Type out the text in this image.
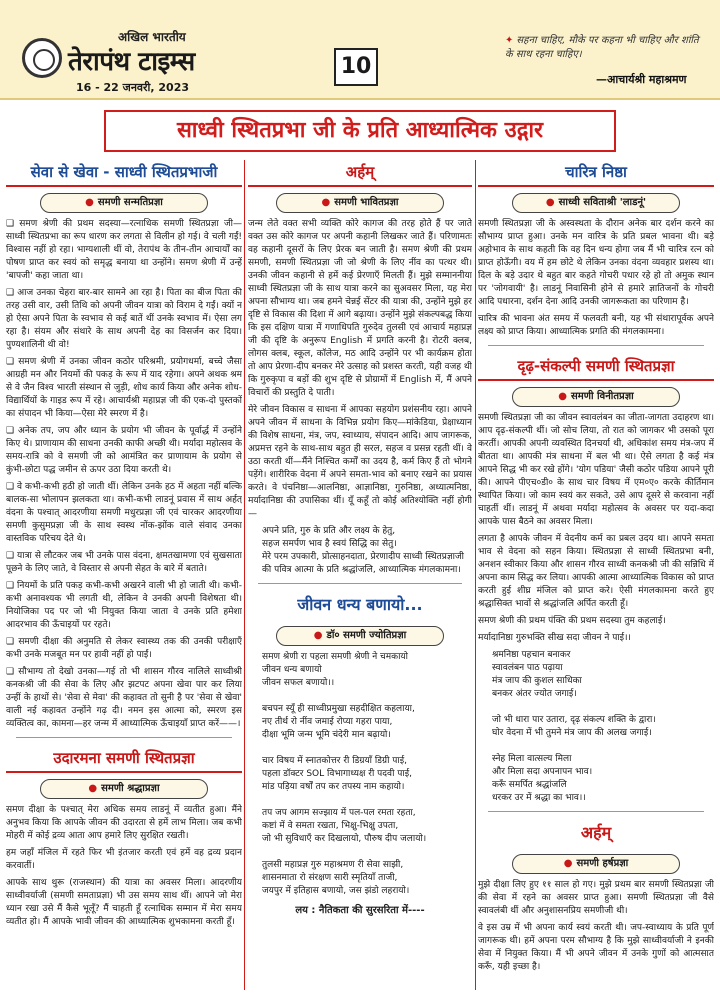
अखिल भारतीय
तेरापंथ टाइम्स
16 - 22 जनवरी, 2023
10
✦ सहना चाहिए, मौके पर कहना भी चाहिए और शांति के साथ रहना चाहिए।
—आचार्यश्री महाश्रमण
साध्वी स्थितप्रभा जी के प्रति आध्यात्मिक उद्गार
सेवा से खेवा - साध्वी स्थितप्रभाजी
● समणी सन्मतिप्रज्ञा

❑ समण श्रेणी की प्रथम सदस्या—रत्नाधिक समणी स्थितप्रज्ञा जी—साध्वी स्थितप्रभा का रूप धारण कर लगता से विलीन हो गई। वे चली गईं! विश्वास नहीं हो रहा। भाग्यशाली थीं वो, तेरापंथ के तीन-तीन आचार्यों का पोषण प्राप्त कर स्वयं को समृद्ध बनाया था उन्होंने। समण श्रेणी में उन्हें 'बापजी' कहा जाता था।

❑ आज उनका चेहरा बार-बार सामने आ रहा है। पिता का बीज पिता की तरह उसी वार, उसी तिथि को अपनी जीवन यात्रा को विराम दे गईं। क्यों न हो ऐसा अपने पिता के स्वभाव से कई बातें थीं उनके स्वभाव में। ऐसा लग रहा है। संयम और संथारे के साथ अपनी देह का विसर्जन कर दिया। पुण्यशालिनी थी वो!

❑ समण श्रेणी में उनका जीवन कठोर परिश्रमी, प्रयोगधर्मा, बच्चे जैसा आग्रही मन और नियमों की पकड़ के रूप में याद रहेगा। अपने अथक श्रम से वे जैन विश्व भारती संस्थान से जुड़ी, शोध कार्य किया और अनेक शोध-विद्यार्थियों के गाइड रूप में रहे। आचार्यश्री महाप्रज्ञ जी की एक-दो पुस्तकों का संपादन भी किया—ऐसा मेरे स्मरण में है।

❑ अनेक तप, जप और ध्यान के प्रयोग भी जीवन के पूर्वार्द्ध में उन्होंने किए थे। प्राणायाम की साधना उनकी काफी अच्छी थी। मर्यादा महोत्सव के समय-रात्रि को वे समणी जी को आमंत्रित कर प्राणायाम के प्रयोग से कुंभी-छोटा पद्ध जमीन से ऊपर उठा दिया करती थे।

❑ वे कभी-कभी हठी हो जाती थीं। लेकिन उनके हठ में अहता नहीं बल्कि बालक-सा भोलापन झलकता था। कभी-कभी लाडनूं प्रवास में साथ अर्हत् वंदना के पश्चात् आदरणीया समणी मधुरप्रज्ञा जी एवं चारकर आदरणीया समणी कुसुमप्रज्ञा जी के साथ स्वस्थ नोंक-झोंक वाले संवाद उनका वास्तविक परिचय देते थे।

❑ यात्रा से लौटकर जब भी उनके पास वंदना, क्षमतखामणा एवं सुखसाता पूछने के लिए जाते, वे विस्तार से अपनी सेहत के बारे में बताते।

❑ नियमों के प्रति पकड़ कभी-कभी अखरने वाली भी हो जाती थी। कभी-कभी अनावश्यक भी लगती थी, लेकिन वे उनकी अपनी विशेषता थी। नियोजिका पद पर जो भी नियुक्त किया जाता वे उनके प्रति हमेशा आदरभाव की ऊँचाइयों पर रहते।

❑ समणी दीक्षा की अनुमति से लेकर स्वास्थ्य तक की उनकी परीक्षाएँ कभी उनके मजबूत मन पर हावी नहीं हो पाईं।

❑ सौभाग्य तो देखो उनका—गई तो भी शासन गौरव नालिले साध्वीश्री कनकश्री जी की सेवा के लिए और झटपट अपना खेवा पार कर लिया उन्हीं के हाथों से। 'सेवा से मेवा' की कहावत तो सुनी है पर 'सेवा से खेवा' वाली नई कहावत उन्होंने गढ़ दी। नमन इस आत्मा को, स्मरण इस व्यक्तित्व का, कामना—हर जन्म में आध्यात्मिक ऊँचाइयाँ प्राप्त करें——।

उदारमना समणी स्थितप्रज्ञा
● समणी श्रद्धाप्रज्ञा

समण दीक्षा के पश्चात् मेरा अधिक समय लाडनूं में व्यतीत हुआ। मैंने अनुभव किया कि आपके जीवन की उदारता से हमें लाभ मिला। जब कभी मोहरी में कोई द्रव्य आता आप हमारे लिए सुरक्षित रखती।

हम जहाँ मंजिल में रहते फिर भी इंतजार करती एवं हमें वह द्रव्य प्रदान करवातीं।

आपके साथ थुरू (राजस्थान) की यात्रा का अवसर मिला। आदरणीय साध्वीवर्याजी (समणी समताप्रज्ञा) भी उस समय साथ थीं। आपने जो मेरा ध्यान रखा उसे मैं कैसे भूलूँ? मैं चाहती हूँ रत्नाधिक सम्मान में मेरा समय व्यतीत हो। मैं आपके भावी जीवन की आध्यात्मिक शुभकामना करती हूँ।

अर्हम्
● समणी भावितप्रज्ञा

जन्म लेते वक्त सभी व्यक्ति कोरे कागज की तरह होते हैं पर जाते वक्त उस कोरे कागज पर अपनी कहानी लिखकर जाते हैं। परिणामतः वह कहानी दूसरों के लिए प्रेरक बन जाती है। समण श्रेणी की प्रथम समणी, समणी स्थितप्रज्ञा जी जो श्रेणी के लिए नींव का पत्थर थी। उनकी जीवन कहानी से हमें कई प्रेरणाएँ मिलती हैं। मुझे सम्माननीया साध्वी स्थितप्रज्ञा जी के साथ यात्रा करने का सुअवसर मिला, यह मेरा अपना सौभाग्य था। जब हमने चेन्नई सेंटर की यात्रा की, उन्होंने मुझे हर दृष्टि से विकास की दिशा में आगे बढ़ाया। उन्होंने मुझे संकल्पबद्ध किया कि इस दक्षिण यात्रा में गणाधिपति गुरुदेव तुलसी एवं आचार्य महाप्रज्ञ जी की दृष्टि के अनुरूप English में प्रगति करनी है। रोटरी क्लब, लोगस क्लब, स्कूल, कॉलेज, मठ आदि उन्होंने पर भी कार्यक्रम होता तो आप प्रेरणा-दीप बनकर मेरे उत्साह को प्रशस्त करती, यही वजह थी कि गुरुकृपा व बड़ों की शुभ दृष्टि से प्रोग्रामों में English में, मैं अपने विचारों की प्रस्तुति दे पाती।

मेरे जीवन विकास व साधना में आपका सहयोग प्रशंसनीय रहा। आपने अपने जीवन में साधना के विभिन्न प्रयोग किए—मांकेडिया, प्रेक्षाध्यान की विशेष साधना, मंत्र, जप, स्वाध्याय, संपादन आदि। आप जागरूक, अप्रमत्त रहने के साथ-साथ बहुत ही सरल, सहज व प्रसन्न रहती थीं। वे उठा करती थीं—मैंने निश्चित कर्मों का उदय है, कर्म किए हैं तो भोगने पड़ेंगे। शारीरिक वेदना में अपने समता-भाव को बनाए रखने का प्रयास करते। वे पंचनिष्ठा—आलनिष्ठा, आज्ञानिष्ठा, गुरुनिष्ठा, अध्यात्मनिष्ठा, मर्यादानिष्ठा की उपासिका थीं। यूँ कहूँ तो कोई अतिश्योक्ति नहीं होगी—

अपने प्रति, गुरु के प्रति और लक्ष्य के हेतु,
सहज समर्पण भाव है स्वयं सिद्धि का सेतु।
मेरे परम उपकारी, प्रोत्साहनदाता, प्रेरणादीप साध्वी स्थितप्रज्ञाजी
की पवित्र आत्मा के प्रति श्रद्धांजलि, आध्यात्मिक मंगलकामना।
जीवन धन्य बणायो...
● डॉ० समणी ज्योतिप्रज्ञा
समण श्रेणी रा पहला समणी श्रेणी ने चमकायो
जीवन धन्य बणायो
जीवन सफल बणायो।।

बचपन स्यूँ ही साध्वीप्रमुखा सहदीक्षित कहलाया,
नए तीर्थ रो नींव जमाई रोप्या गहरा पाया,
दीक्षा भूमि जन्म भूमि चंदेरी मान बढ़ायो।

चार विषय में स्नातकोत्तर री डिग्रयाँ डिग्री पाई,
पहला डॉक्टर SOL विभागाध्यक्ष री पदवी पाई,
मांड पड़िया वर्षों तप कर तपस्य नाम कहायो।

तप जप आगम सज्झाय में पल-पल रमता रहता,
कष्टां में वे समता रखता, भिक्षु-भिक्षु उपता,
जो भी सुविधाएँ कर दिखलायो, पौरुष दीप जलायो।

तुलसी महाप्रज्ञ गुरु महाश्रमण री सेवा साझी,
शासनमाता रो संरक्षण सारी स्मृतियाँ ताजी,
जयपुर में इतिहास बणायो, जस झंडो लहरायो।
लय : नैतिकता की सुरसरिता में----
चारित्र निष्ठा
● साध्वी सविताश्री 'लाडनूं'

समणी स्थितप्रज्ञा जी के अस्वस्थता के दौरान अनेक बार दर्शन करने का सौभाग्य प्राप्त हुआ। उनके मन वारित्र के प्रति प्रबल भावना थी। बड़े अहोभाव के साथ कहती कि वह दिन धन्य होगा जब मैं भी चारित्र रत्न को प्राप्त होऊँगी। वय में हम छोटे थे लेकिन उनका वंदना व्यवहार प्रशस्य था। दिल के बड़े उदार थे बहुत बार कहते गोचरी पधार रहे हो तो अमुक स्थान पर 'जोगवायी' है। लाडनूं निवासिनी होने से हमारे ज्ञातिजनों के गोचरी आदि पधारना, दर्शन देना आदि उनकी जागरूकता का परिणाम है।

चारित्र की भावना अंत समय में फलवती बनी, यह भी संथारापूर्वक अपने लक्ष्य को प्राप्त किया। आध्यात्मिक प्रगति की मंगलकामना।

दृढ़-संकल्पी समणी स्थितप्रज्ञा
● समणी विनीतप्रज्ञा

समणी स्थितप्रज्ञा जी का जीवन स्वावलंबन का जीता-जागता उदाहरण था। आप दृढ़-संकल्पी थीं। जो सोच लिया, तो रात को जागकर भी उसको पूरा करतीं। आपकी अपनी व्यवस्थित दिनचर्या थी, अधिकांश समय मंत्र-जप में बीतता था। आपकी मंत्र साधना में बल भी था। ऐसे लगता है कई मंत्र आपने सिद्ध भी कर रखे होंगे। 'योग पडिया' जैसी कठोर पडिया आपने पूरी की। आपने पीएच०डी० के साथ चार विषय में एम०ए० करके कीर्तिमान स्थापित किया। जो काम स्वयं कर सकते, उसे आप दूसरे से करवाना नहीं चाहतीं थीं। लाडनूं में अथवा मर्यादा महोत्सव के अवसर पर यदा-कदा आपके पास बैठने का अवसर मिला।

लगता है आपके जीवन में वेदनीय कर्म का प्रबल उदय था। आपने समता भाव से वेदना को सहन किया। स्थितप्रज्ञा से साध्वी स्थितप्रभा बनी, अनशन स्वीकार किया और शासन गौरव साध्वी कनकश्री जी की सन्निधि में अपना काम सिद्ध कर लिया। आपकी आत्मा आध्यात्मिक विकास को प्राप्त करती हुई शीघ्र मंजिल को प्राप्त करे। ऐसी मंगलकामना करते हुए श्रद्धासिक्त भावों से श्रद्धांजलि अर्पित करती हूँ।

समण श्रेणी की प्रथम पंक्ति की प्रथम सदस्या तुम कहलाई।

मर्यादानिष्ठा गुरुभक्ति सीख सदा जीवन ने पाई।।

श्रमनिष्ठा पहचान बनाकर
स्वावलंबन पाठ पढ़ाया
मंत्र जाप की कुशल साधिका
बनकर अंतर ज्योत जगाई।

जो भी धारा पार उतारा, दृढ़ संकल्प शक्ति के द्वारा।
घोर वेदना में भी तुमने मंत्र जाप की अलख जगाई।

स्नेह मिला वात्सल्य मिला
और मिला सदा अपनापन भाव।
करूँ समर्पित श्रद्धांजलि
धरकर उर में श्रद्धा का भाव।।
अर्हम्
● समणी हर्षप्रज्ञा

मुझे दीक्षा लिए हुए ११ साल हो गए। मुझे प्रथम बार समणी स्थितप्रज्ञा जी की सेवा में रहने का अवसर प्राप्त हुआ। समणी स्थितप्रज्ञा जी वैसे स्वावलंबी थीं और अनुशासनप्रिय समणीजी थी।

वे इस उम्र में भी अपना कार्य स्वयं करती थी। जप-स्वाध्याय के प्रति पूर्ण जागरूक थी। हमें अपना परम सौभाग्य है कि मुझे साध्वीवर्याजी ने इनकी सेवा में नियुक्त किया। मैं भी अपने जीवन में उनके गुणों को आत्मसात करूँ, यही इच्छा है।
